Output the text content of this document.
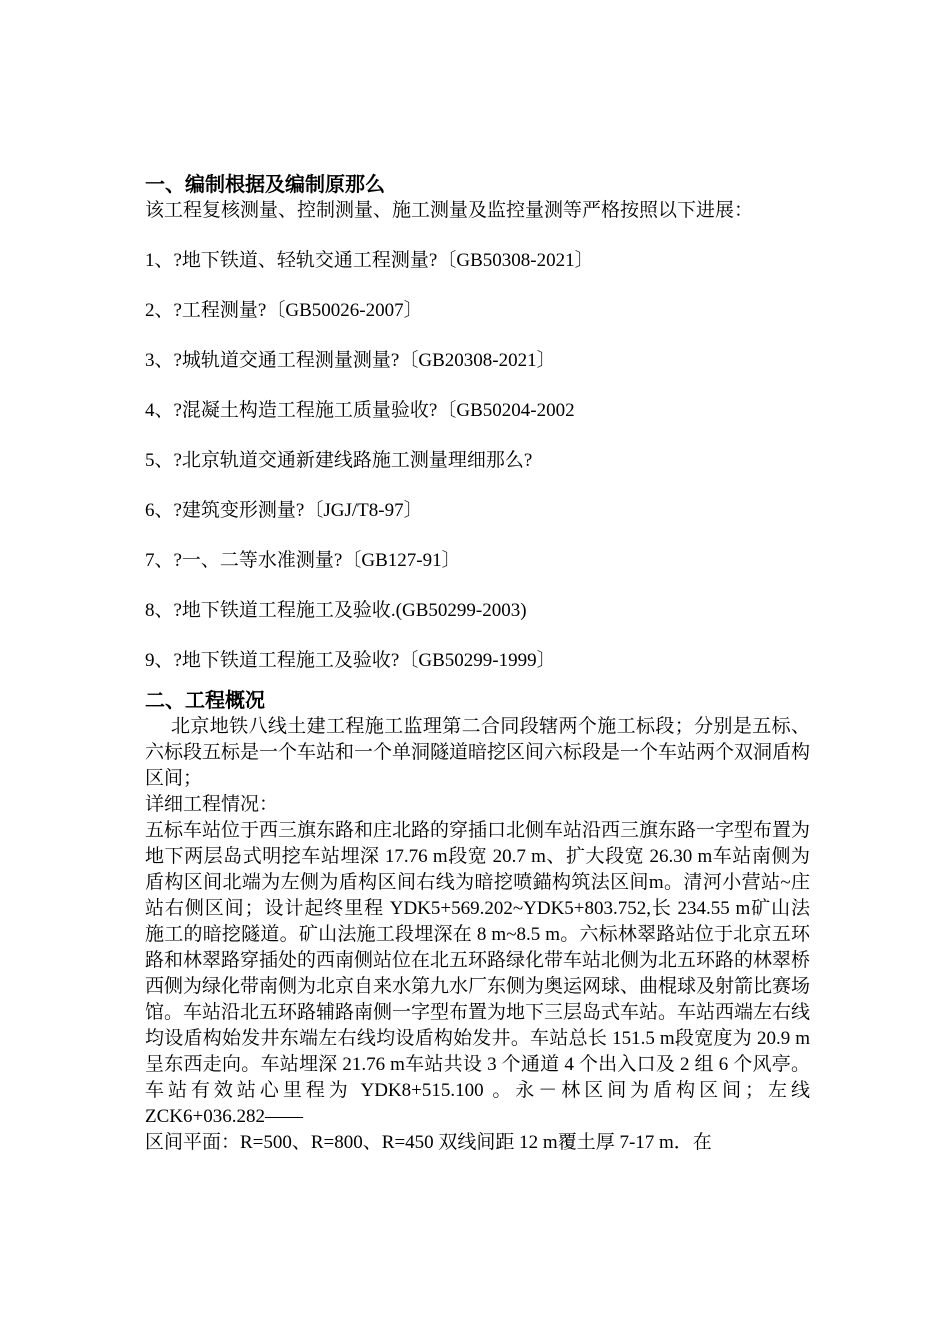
一、编制根据及编制原那么

该工程复核测量、控制测量、施工测量及监控量测等严格按照以下进展：

1、?地下铁道、轻轨交通工程测量?〔GB50308-2021〕

2、?工程测量?〔GB50026-2007〕

3、?城轨道交通工程测量测量?〔GB20308-2021〕

4、?混凝土构造工程施工质量验收?〔GB50204-2002

5、?北京轨道交通新建线路施工测量理细那么?

6、?建筑变形测量?〔JGJ/T8-97〕

7、?一、二等水准测量?〔GB127-91〕

8、?地下铁道工程施工及验收.(GB50299-2003)

9、?地下铁道工程施工及验收?〔GB50299-1999〕

二、工程概况

北京地铁八线土建工程施工监理第二合同段辖两个施工标段；分别是五标、六标段五标是一个车站和一个单洞隧道暗挖区间六标段是一个车站两个双洞盾构区间；

详细工程情况：

五标车站位于西三旗东路和庄北路的穿插口北侧车站沿西三旗东路一字型布置为地下两层岛式明挖车站埋深 17.76 m段宽 20.7 m、扩大段宽 26.30 m车站南侧为盾构区间北端为左侧为盾构区间右线为暗挖喷錨构筑法区间m。清河小营站~庄站右侧区间；设计起终里程 YDK5+569.202~YDK5+803.752,长 234.55 m矿山法施工的暗挖隧道。矿山法施工段埋深在 8 m~8.5 m。六标林翠路站位于北京五环路和林翠路穿插处的西南侧站位在北五环路绿化带车站北侧为北五环路的林翠桥西侧为绿化带南侧为北京自来水第九水厂东侧为奥运网球、曲棍球及射箭比赛场馆。车站沿北五环路辅路南侧一字型布置为地下三层岛式车站。车站西端左右线均设盾构始发井东端左右线均设盾构始发井。车站总长 151.5 m段宽度为 20.9 m呈东西走向。车站埋深 21.76 m车站共设 3 个通道 4 个出入口及 2 组 6 个风亭。车站有效站心里程为 YDK8+515.100 。永－林区间为盾构区间；左线 ZCK6+036.282——

区间平面：R=500、R=800、R=450 双线间距 12 m覆土厚 7-17 m．在
